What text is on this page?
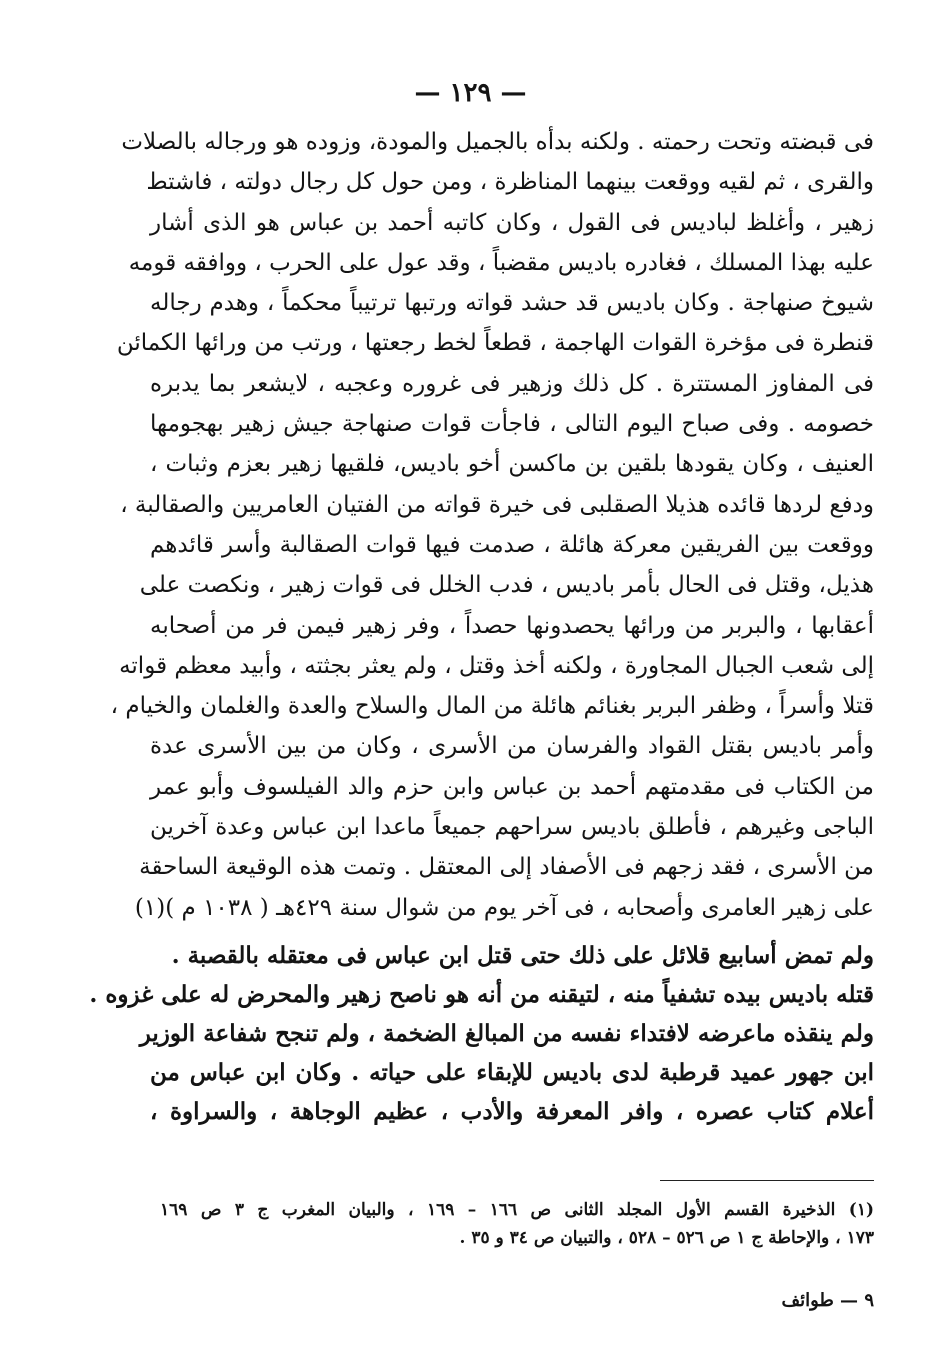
— ١٢٩ —
فى قبضته وتحت رحمته . ولكنه بدأه بالجميل والمودة، وزوده هو ورجاله بالصلات
والقرى ، ثم لقيه ووقعت بينهما المناظرة ، ومن حول كل رجال دولته ، فاشتط
زهير ، وأغلظ لباديس فى القول ، وكان كاتبه أحمد بن عباس هو الذى أشار
عليه بهذا المسلك ، فغادره باديس مقضباً ، وقد عول على الحرب ، ووافقه قومه
شيوخ صنهاجة . وكان باديس قد حشد قواته ورتبها ترتيباً محكماً ، وهدم رجاله
قنطرة فى مؤخرة القوات الهاجمة ، قطعاً لخط رجعتها ، ورتب من ورائها الكمائن
فى المفاوز المستترة . كل ذلك وزهير فى غروره وعجبه ، لايشعر بما يدبره
خصومه . وفى صباح اليوم التالى ، فاجأت قوات صنهاجة جيش زهير بهجومها
العنيف ، وكان يقودها بلقين بن ماكسن أخو باديس، فلقيها زهير بعزم وثبات ،
ودفع لردها قائده هذيلا الصقلبى فى خيرة قواته من الفتيان العامريين والصقالبة ،
ووقعت بين الفريقين معركة هائلة ، صدمت فيها قوات الصقالبة وأسر قائدهم
هذيل، وقتل فى الحال بأمر باديس ، فدب الخلل فى قوات زهير ، ونكصت على
أعقابها ، والبربر من ورائها يحصدونها حصداً ، وفر زهير فيمن فر من أصحابه
إلى شعب الجبال المجاورة ، ولكنه أخذ وقتل ، ولم يعثر بجثته ، وأبيد معظم قواته
قتلا وأسراً ، وظفر البربر بغنائم هائلة من المال والسلاح والعدة والغلمان والخيام ،
وأمر باديس بقتل القواد والفرسان من الأسرى ، وكان من بين الأسرى عدة
من الكتاب فى مقدمتهم أحمد بن عباس وابن حزم والد الفيلسوف وأبو عمر
الباجى وغيرهم ، فأطلق باديس سراحهم جميعاً ماعدا ابن عباس وعدة آخرين
من الأسرى ، فقد زجهم فى الأصفاد إلى المعتقل . وتمت هذه الوقيعة الساحقة
على زهير العامرى وأصحابه ، فى آخر يوم من شوال سنة ٤٢٩هـ ( ١٠٣٨ م )(١)
ولم تمض أسابيع قلائل على ذلك حتى قتل ابن عباس فى معتقله بالقصبة .
قتله باديس بيده تشفياً منه ، لتيقنه من أنه هو ناصح زهير والمحرض له على غزوه .
ولم ينقذه ماعرضه لافتداء نفسه من المبالغ الضخمة ، ولم تنجح شفاعة الوزير
ابن جهور عميد قرطبة لدى باديس للإبقاء على حياته . وكان ابن عباس من
أعلام كتاب عصره ، وافر المعرفة والأدب ، عظيم الوجاهة ، والسراوة ،
(١) الذخيرة القسم الأول المجلد الثانى ص ١٦٦ – ١٦٩ ، والبيان المغرب ج ٣ ص ١٦٩
١٧٣ ، والإحاطة ج ١ ص ٥٢٦ – ٥٢٨ ، والتبيان ص ٣٤ و ٣٥ .
٩ — طوائف
